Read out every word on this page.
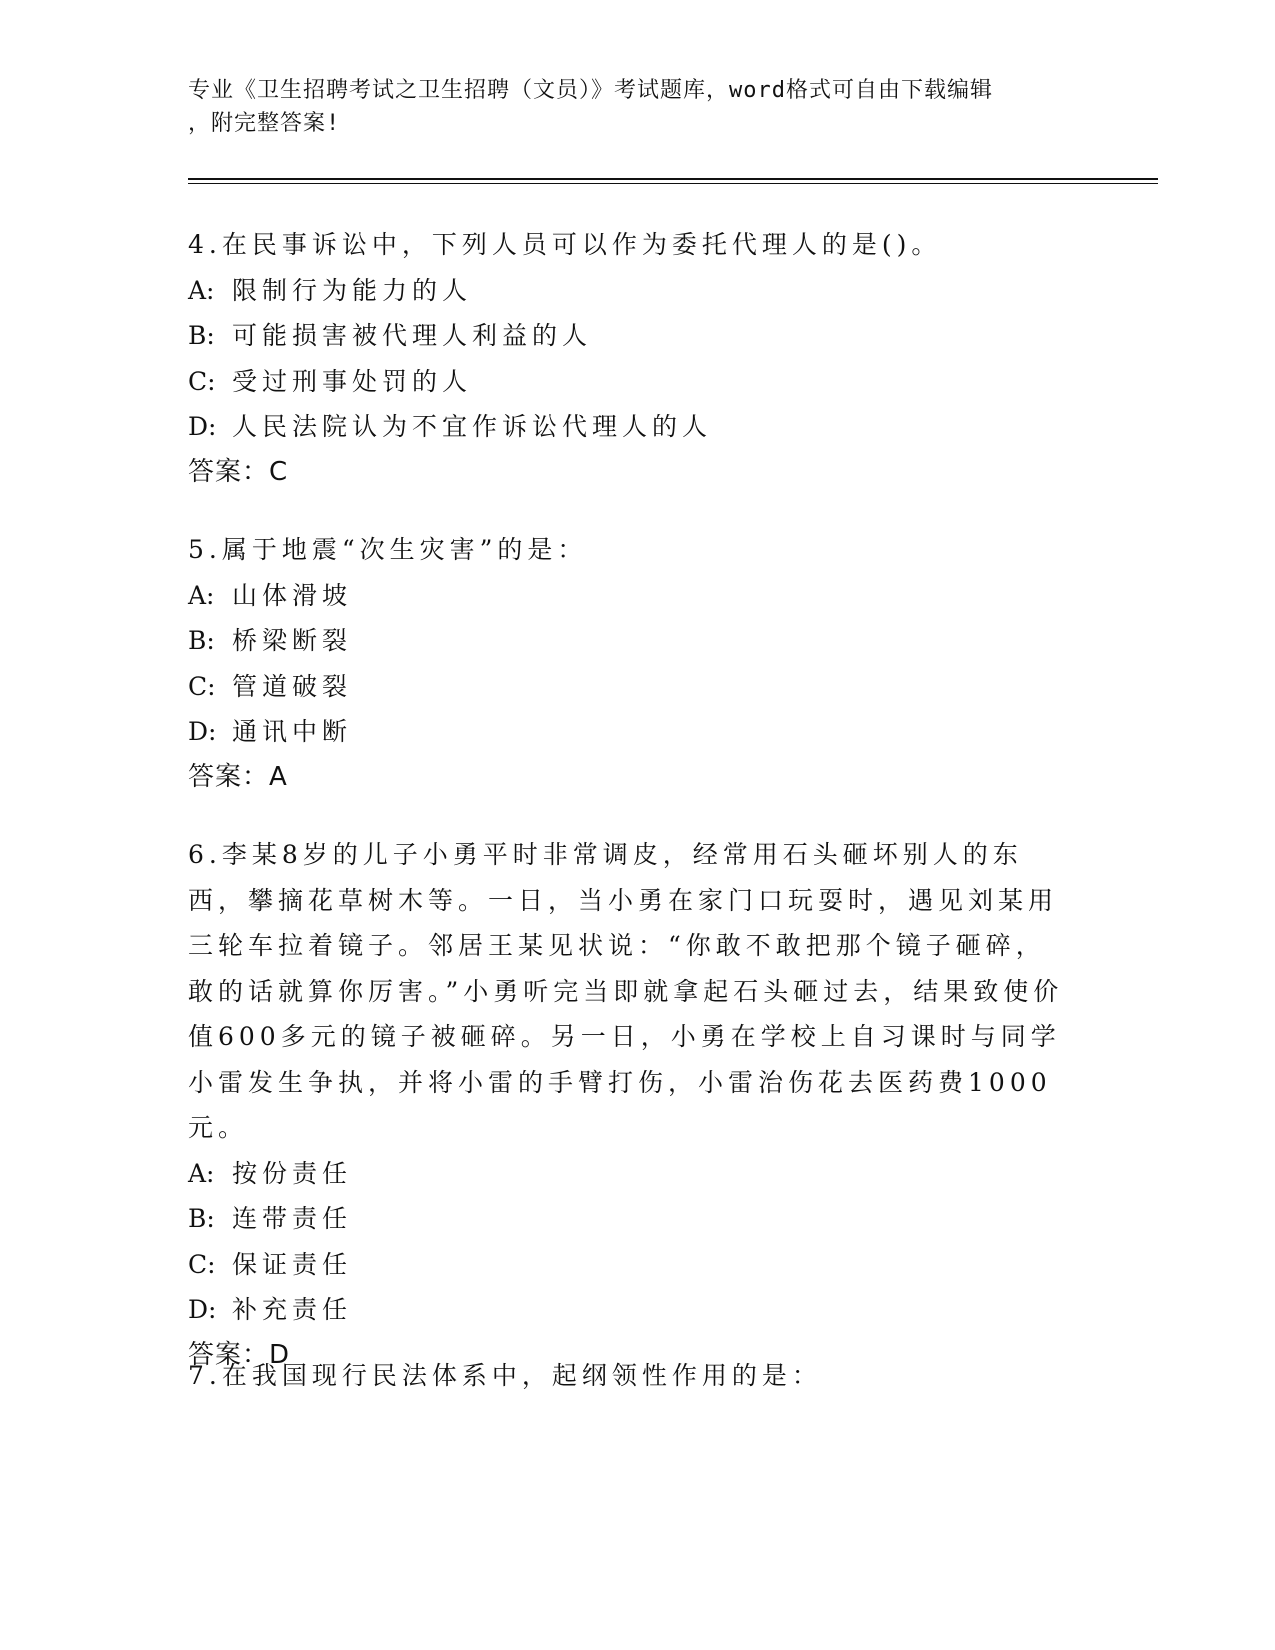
专业《卫生招聘考试之卫生招聘（文员）》考试题库，word格式可自由下载编辑
，附完整答案!
4.在民事诉讼中，下列人员可以作为委托代理人的是()。
A: 限制行为能力的人
B: 可能损害被代理人利益的人
C: 受过刑事处罚的人
D: 人民法院认为不宜作诉讼代理人的人
答案：C
5.属于地震“次生灾害”的是：
A: 山体滑坡
B: 桥梁断裂
C: 管道破裂
D: 通讯中断
答案：A
6.李某8岁的儿子小勇平时非常调皮，经常用石头砸坏别人的东西，攀摘花草树木等。一日，当小勇在家门口玩耍时，遇见刘某用三轮车拉着镜子。邻居王某见状说：“你敢不敢把那个镜子砸碎，敢的话就算你厉害。”小勇听完当即就拿起石头砸过去，结果致使价值600多元的镜子被砸碎。另一日，小勇在学校上自习课时与同学小雷发生争执，并将小雷的手臂打伤，小雷治伤花去医药费1000元。
A: 按份责任
B: 连带责任
C: 保证责任
D: 补充责任
答案：D
7.在我国现行民法体系中，起纲领性作用的是：
